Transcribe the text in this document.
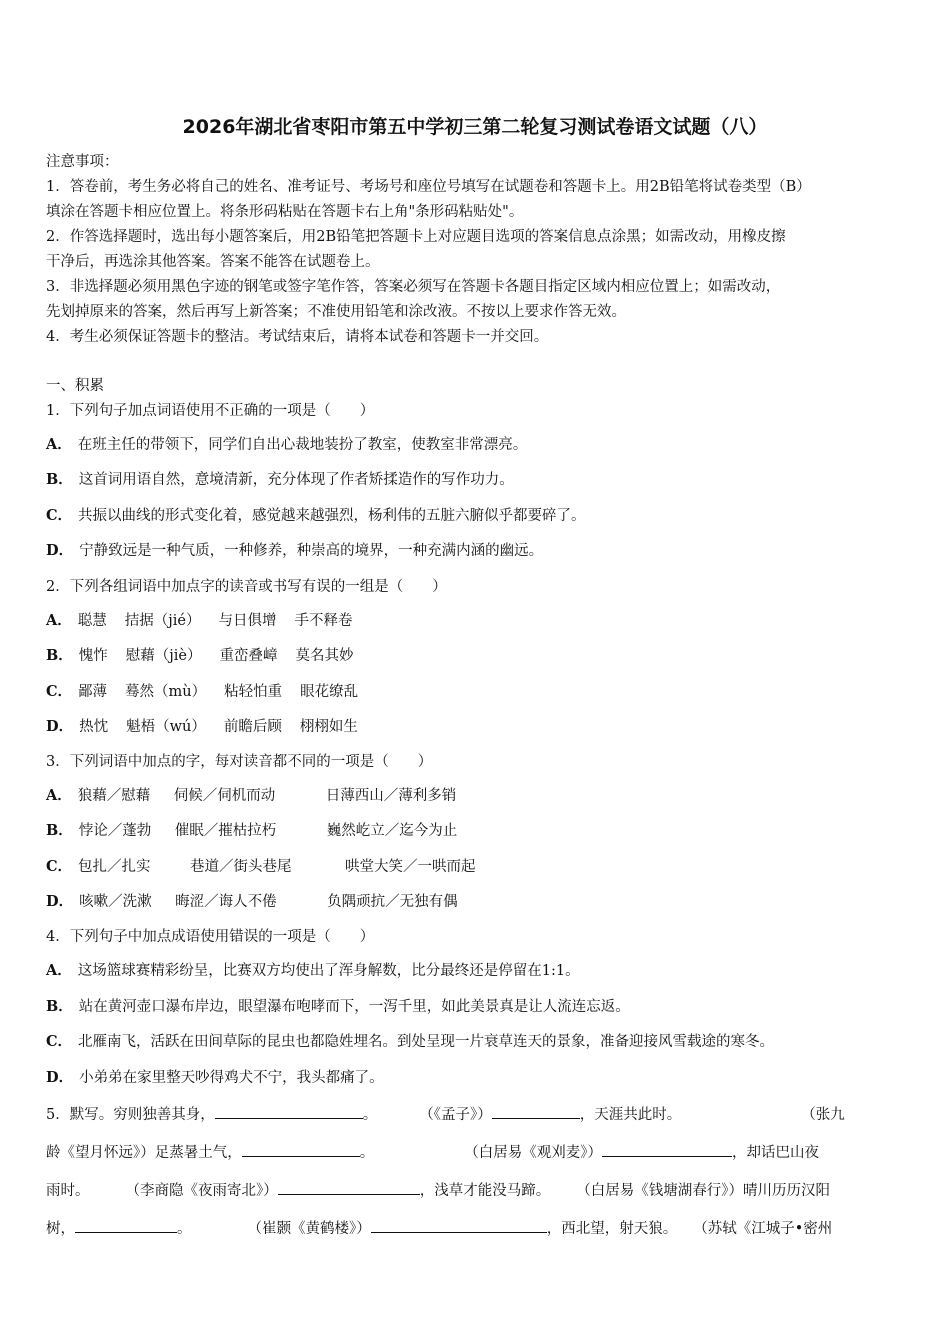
2026年湖北省枣阳市第五中学初三第二轮复习测试卷语文试题（八）
注意事项：
1．答卷前，考生务必将自己的姓名、准考证号、考场号和座位号填写在试题卷和答题卡上。用2B铅笔将试卷类型（B）
填涂在答题卡相应位置上。将条形码粘贴在答题卡右上角"条形码粘贴处"。
2．作答选择题时，选出每小题答案后，用2B铅笔把答题卡上对应题目选项的答案信息点涂黑；如需改动，用橡皮擦
干净后，再选涂其他答案。答案不能答在试题卷上。
3．非选择题必须用黑色字迹的钢笔或签字笔作答，答案必须写在答题卡各题目指定区域内相应位置上；如需改动，
先划掉原来的答案，然后再写上新答案；不准使用铅笔和涂改液。不按以上要求作答无效。
4．考生必须保证答题卡的整洁。考试结束后，请将本试卷和答题卡一并交回。
一、积累
1．下列句子加点词语使用不正确的一项是（　　）
A． 在班主任的带领下，同学们自出心裁地装扮了教室，使教室非常漂亮。
B． 这首词用语自然，意境清新，充分体现了作者矫揉造作的写作功力。
C． 共振以曲线的形式变化着，感觉越来越强烈，杨利伟的五脏六腑似乎都要碎了。
D． 宁静致远是一种气质，一种修养，种崇高的境界，一种充满内涵的幽远。
2．下列各组词语中加点字的读音或书写有误的一组是（　　）
A． 聪慧 拮据（jié） 与日俱增 手不释卷
B． 愧怍 慰藉（jiè） 重峦叠嶂 莫名其妙
C． 鄙薄 蓦然（mù） 粘轻怕重 眼花缭乱
D． 热忱 魁梧（wú） 前瞻后顾 栩栩如生
3．下列词语中加点的字，每对读音都不同的一项是（　　）
A． 狼藉／慰藉 伺候／伺机而动	日薄西山／薄利多销
B． 悖论／蓬勃 催眠／摧枯拉朽	巍然屹立／迄今为止
C． 包扎／扎实	巷道／街头巷尾	哄堂大笑／一哄而起
D． 咳嗽／洗漱 晦涩／诲人不倦	负隅顽抗／无独有偶
4．下列句子中加点成语使用错误的一项是（　　）
A． 这场篮球赛精彩纷呈，比赛双方均使出了浑身解数，比分最终还是停留在1:1。
B． 站在黄河壶口瀑布岸边，眼望瀑布咆哮而下，一泻千里，如此美景真是让人流连忘返。
C． 北雁南飞，活跃在田间草际的昆虫也都隐姓埋名。到处呈现一片衰草连天的景象，准备迎接风雪载途的寒冬。
D． 小弟弟在家里整天吵得鸡犬不宁，我头都痛了。
5．默写。穷则独善其身，	。	（《孟子》）	，天涯共此时。	（张九
龄《望月怀远》）足蒸暑土气，	。	（白居易《观刈麦》）	，却话巴山夜
雨时。 （李商隐《夜雨寄北》）	，浅草才能没马蹄。 （白居易《钱塘湖春行》）晴川历历汉阳
树，	。	（崔颢《黄鹤楼》）	，西北望，射天狼。 （苏轼《江城子•密州
